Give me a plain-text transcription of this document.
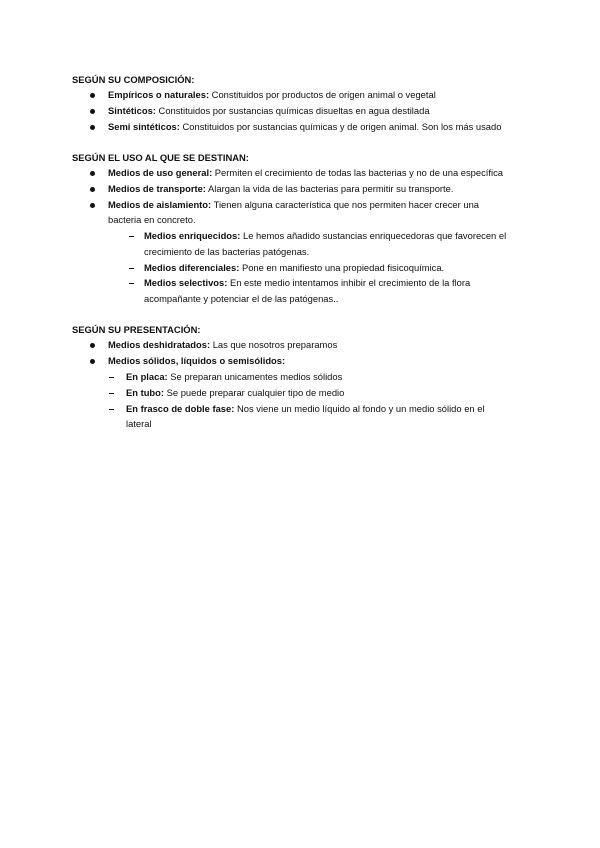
SEGÚN SU COMPOSICIÓN:
Empíricos o naturales: Constituidos por productos de origen animal o vegetal
Sintéticos: Constituidos por sustancias químicas disueltas en agua destilada
Semi sintéticos: Constituidos por sustancias químicas y de origen animal. Son los más usado
SEGÚN EL USO AL QUE SE DESTINAN:
Medios de uso general: Permiten el crecimiento de todas las bacterias y no de una específica
Medios de transporte: Alargan la vida de las bacterias para permitir su transporte.
Medios de aislamiento: Tienen alguna característica que nos permiten hacer crecer una
bacteria en concreto.
Medios enriquecidos: Le hemos añadido sustancias enriquecedoras que favorecen el
crecimiento de las bacterias patógenas.
Medios diferenciales: Pone en manifiesto una propiedad fisicoquímica.
Medios selectivos: En este medio intentamos inhibir el crecimiento de la flora
acompañante y potenciar el de las patógenas..
SEGÚN SU PRESENTACIÓN:
Medios deshidratados: Las que nosotros preparamos
Medios sólidos, líquidos o semisólidos:
En placa: Se preparan unicamentes medios sólidos
En tubo: Se puede preparar cualquier tipo de medio
En frasco de doble fase: Nos viene un medio líquido al fondo y un medio sólido en el
lateral
